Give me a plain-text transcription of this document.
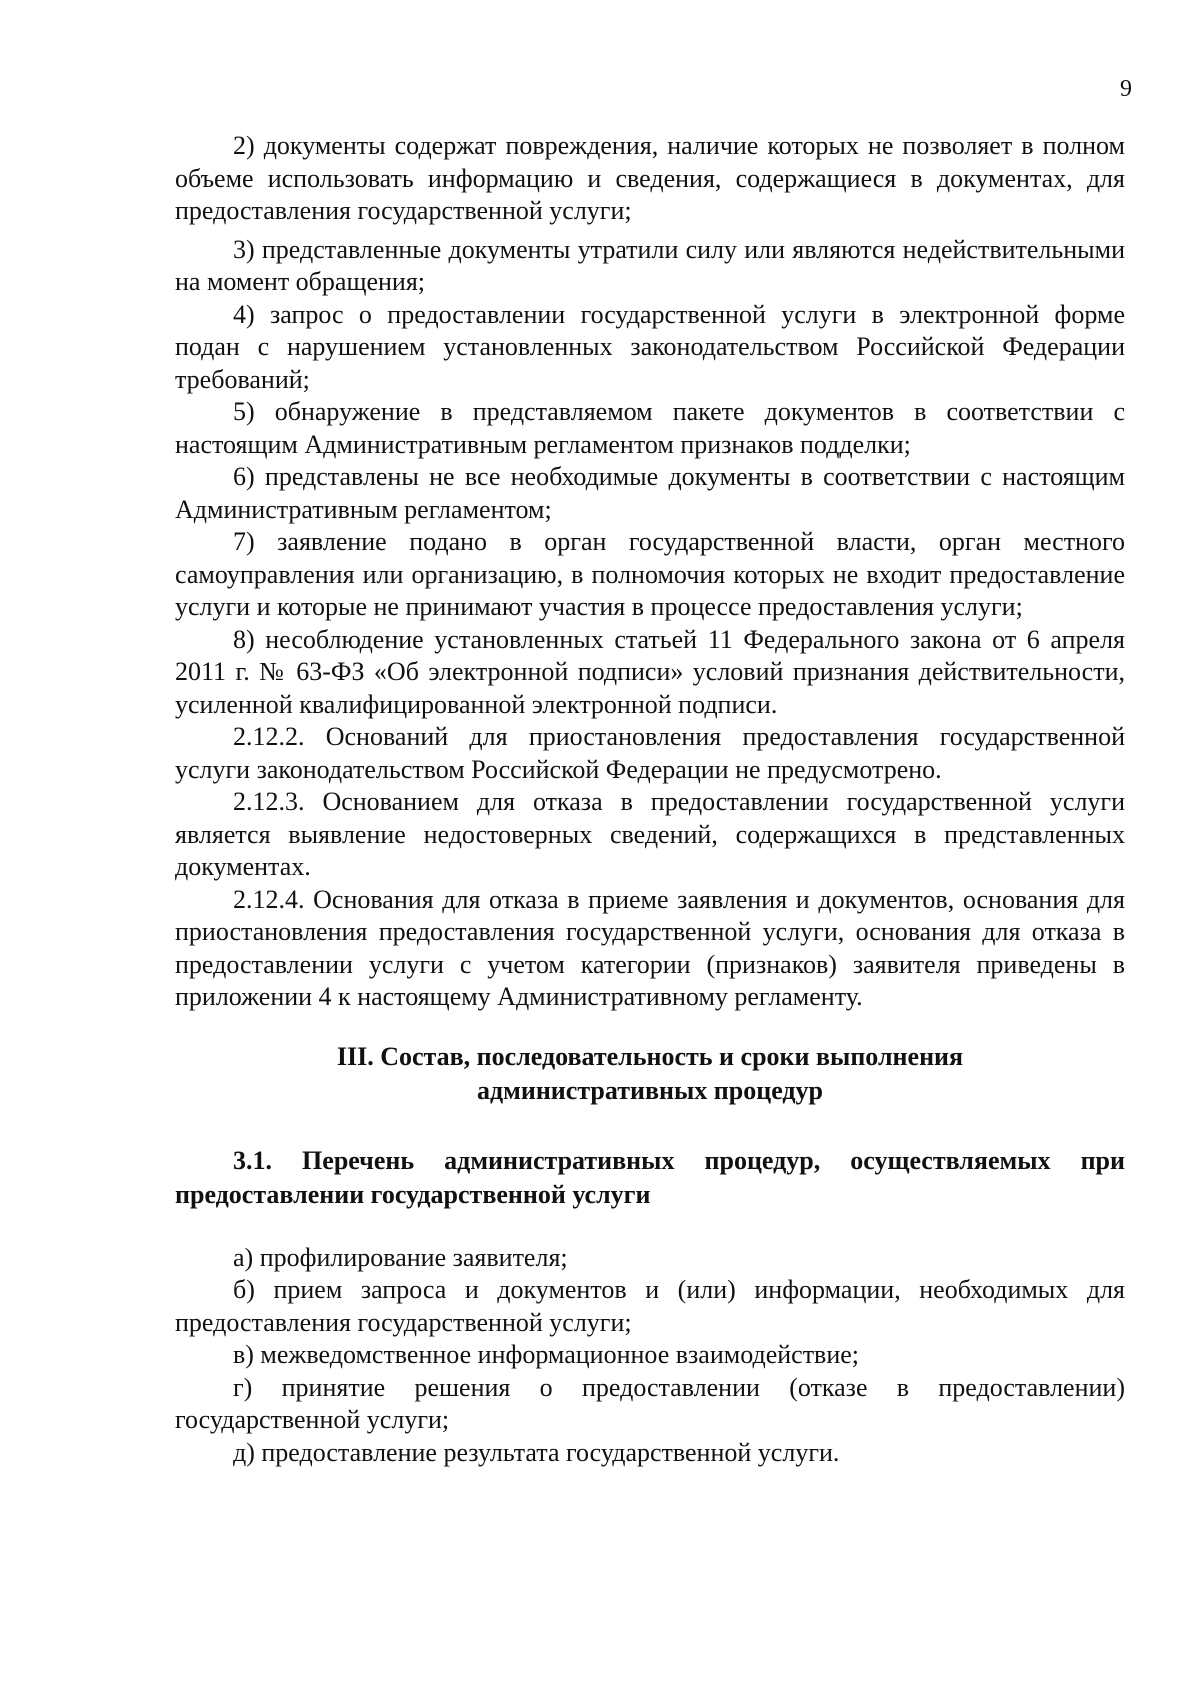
9

2) документы содержат повреждения, наличие которых не позволяет в полном объеме использовать информацию и сведения, содержащиеся в документах, для предоставления государственной услуги;

3) представленные документы утратили силу или являются недействительными на момент обращения;

4) запрос о предоставлении государственной услуги в электронной форме подан с нарушением установленных законодательством Российской Федерации требований;

5) обнаружение в представляемом пакете документов в соответствии с настоящим Административным регламентом признаков подделки;

6) представлены не все необходимые документы в соответствии с настоящим Административным регламентом;

7) заявление подано в орган государственной власти, орган местного самоуправления или организацию, в полномочия которых не входит предоставление услуги и которые не принимают участия в процессе предоставления услуги;

8) несоблюдение установленных статьей 11 Федерального закона от 6 апреля 2011 г. № 63-ФЗ «Об электронной подписи» условий признания действительности, усиленной квалифицированной электронной подписи.

2.12.2. Оснований для приостановления предоставления государственной услуги законодательством Российской Федерации не предусмотрено.

2.12.3. Основанием для отказа в предоставлении государственной услуги является выявление недостоверных сведений, содержащихся в представленных документах.

2.12.4. Основания для отказа в приеме заявления и документов, основания для приостановления предоставления государственной услуги, основания для отказа в предоставлении услуги с учетом категории (признаков) заявителя приведены в приложении 4 к настоящему Административному регламенту.

III. Состав, последовательность и сроки выполнения
административных процедур
3.1. Перечень административных процедур, осуществляемых при предоставлении государственной услуги

а) профилирование заявителя;

б) прием запроса и документов и (или) информации, необходимых для предоставления государственной услуги;

в) межведомственное информационное взаимодействие;

г) принятие решения о предоставлении (отказе в предоставлении) государственной услуги;

д) предоставление результата государственной услуги.
